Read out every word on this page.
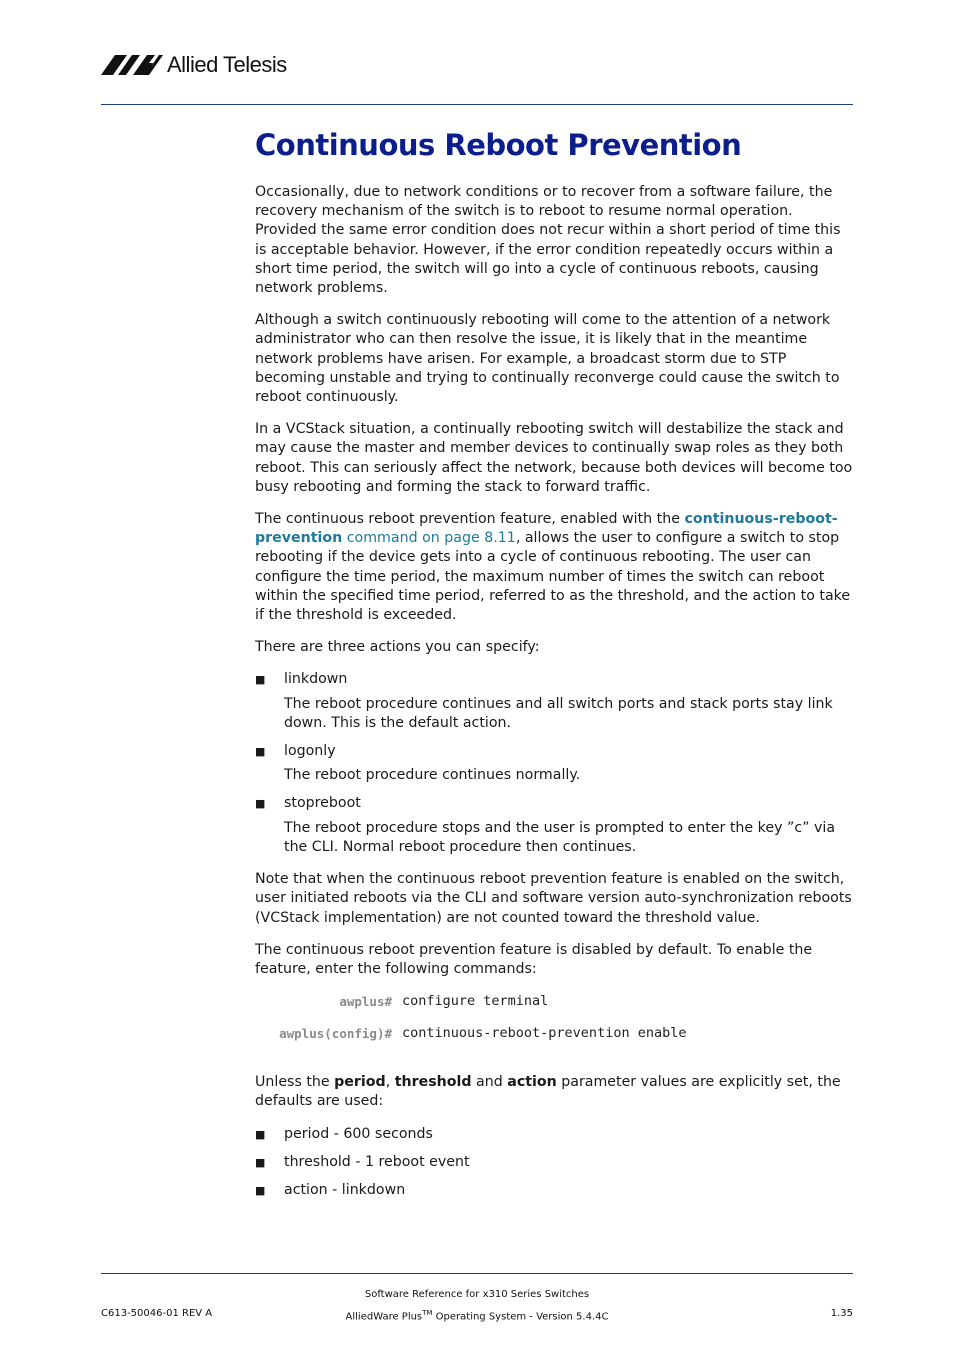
Allied Telesis
Continuous Reboot Prevention

Occasionally, due to network conditions or to recover from a software failure, the recovery mechanism of the switch is to reboot to resume normal operation. Provided the same error condition does not recur within a short period of time this is acceptable behavior. However, if the error condition repeatedly occurs within a short time period, the switch will go into a cycle of continuous reboots, causing network problems.

Although a switch continuously rebooting will come to the attention of a network administrator who can then resolve the issue, it is likely that in the meantime network problems have arisen. For example, a broadcast storm due to STP becoming unstable and trying to continually reconverge could cause the switch to reboot continuously.

In a VCStack situation, a continually rebooting switch will destabilize the stack and may cause the master and member devices to continually swap roles as they both reboot. This can seriously affect the network, because both devices will become too busy rebooting and forming the stack to forward traffic.

The continuous reboot prevention feature, enabled with the continuous-reboot-prevention command on page 8.11, allows the user to configure a switch to stop rebooting if the device gets into a cycle of continuous rebooting. The user can configure the time period, the maximum number of times the switch can reboot within the specified time period, referred to as the threshold, and the action to take if the threshold is exceeded.

There are three actions you can specify:

■ linkdown
The reboot procedure continues and all switch ports and stack ports stay link down. This is the default action.
■ logonly
The reboot procedure continues normally.
■ stopreboot
The reboot procedure stops and the user is prompted to enter the key ”c” via the CLI. Normal reboot procedure then continues.

Note that when the continuous reboot prevention feature is enabled on the switch, user initiated reboots via the CLI and software version auto-synchronization reboots (VCStack implementation) are not counted toward the threshold value.

The continuous reboot prevention feature is disabled by default. To enable the feature, enter the following commands:

awplus# configure terminal
awplus(config)# continuous-reboot-prevention enable

Unless the period, threshold and action parameter values are explicitly set, the defaults are used:

■ period - 600 seconds
■ threshold - 1 reboot event
■ action - linkdown
Software Reference for x310 Series Switches
AlliedWare Plus™ Operating System - Version 5.4.4C
C613-50046-01 REV A	1.35
